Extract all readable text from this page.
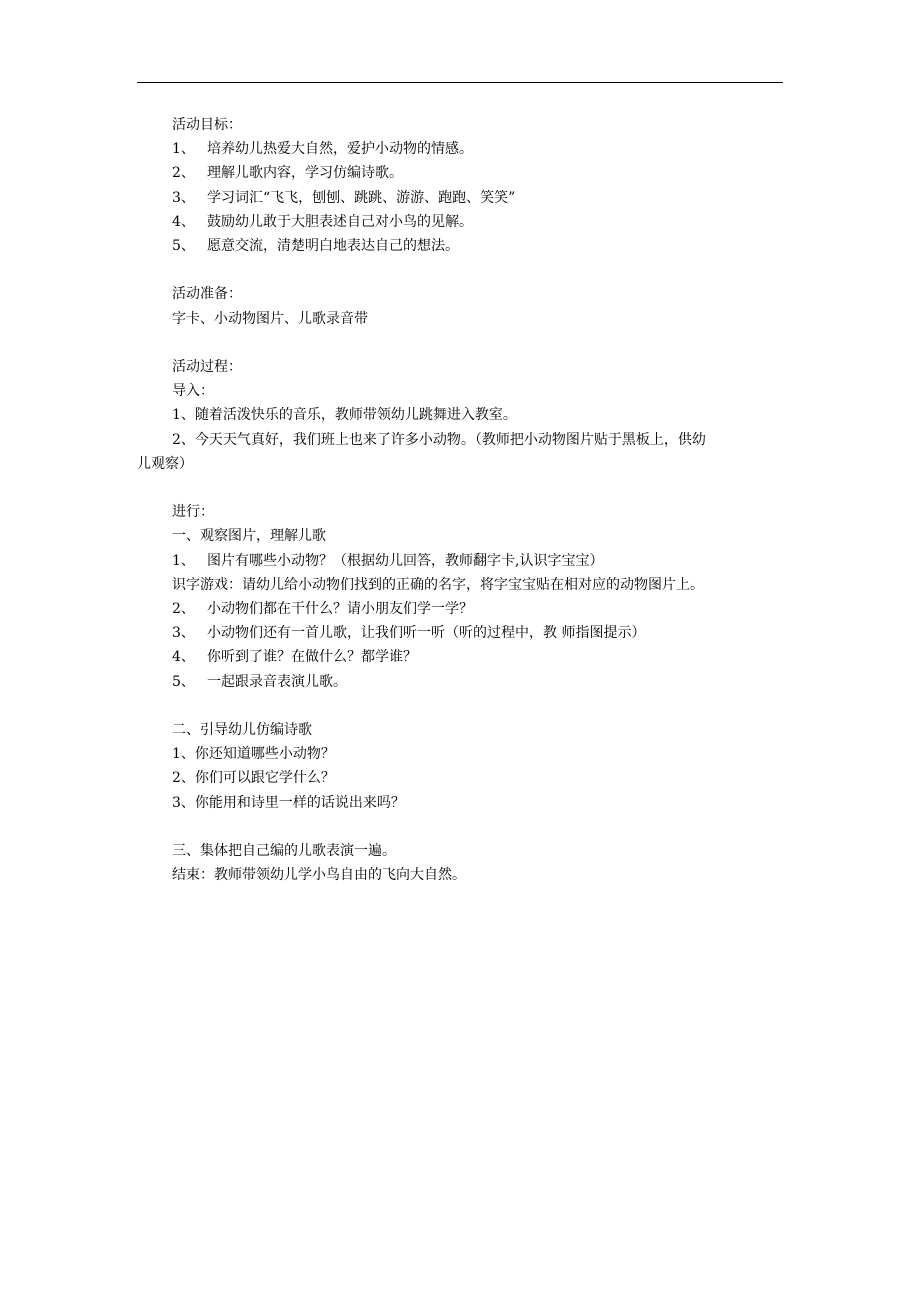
活动目标：

1、 培养幼儿热爱大自然，爱护小动物的情感。

2、 理解儿歌内容，学习仿编诗歌。

3、 学习词汇“飞飞，刨刨、跳跳、游游、跑跑、笑笑”

4、 鼓励幼儿敢于大胆表述自己对小鸟的见解。

5、 愿意交流，清楚明白地表达自己的想法。

活动准备：

字卡、小动物图片、儿歌录音带

活动过程：

导入：

1、随着活泼快乐的音乐，教师带领幼儿跳舞进入教室。

2、今天天气真好，我们班上也来了许多小动物。（教师把小动物图片贴于黑板上，供幼

儿观察）

进行：

一、观察图片，理解儿歌

1、 图片有哪些小动物？（根据幼儿回答，教师翻字卡,认识字宝宝）

识字游戏：请幼儿给小动物们找到的正确的名字，将字宝宝贴在相对应的动物图片上。

2、 小动物们都在干什么？请小朋友们学一学？

3、 小动物们还有一首儿歌，让我们听一听（听的过程中，教 师指图提示）

4、 你听到了谁？在做什么？都学谁？

5、 一起跟录音表演儿歌。

二、引导幼儿仿编诗歌

1、你还知道哪些小动物？

2、你们可以跟它学什么？

3、你能用和诗里一样的话说出来吗？

三、集体把自己编的儿歌表演一遍。

结束：教师带领幼儿学小鸟自由的飞向大自然。
